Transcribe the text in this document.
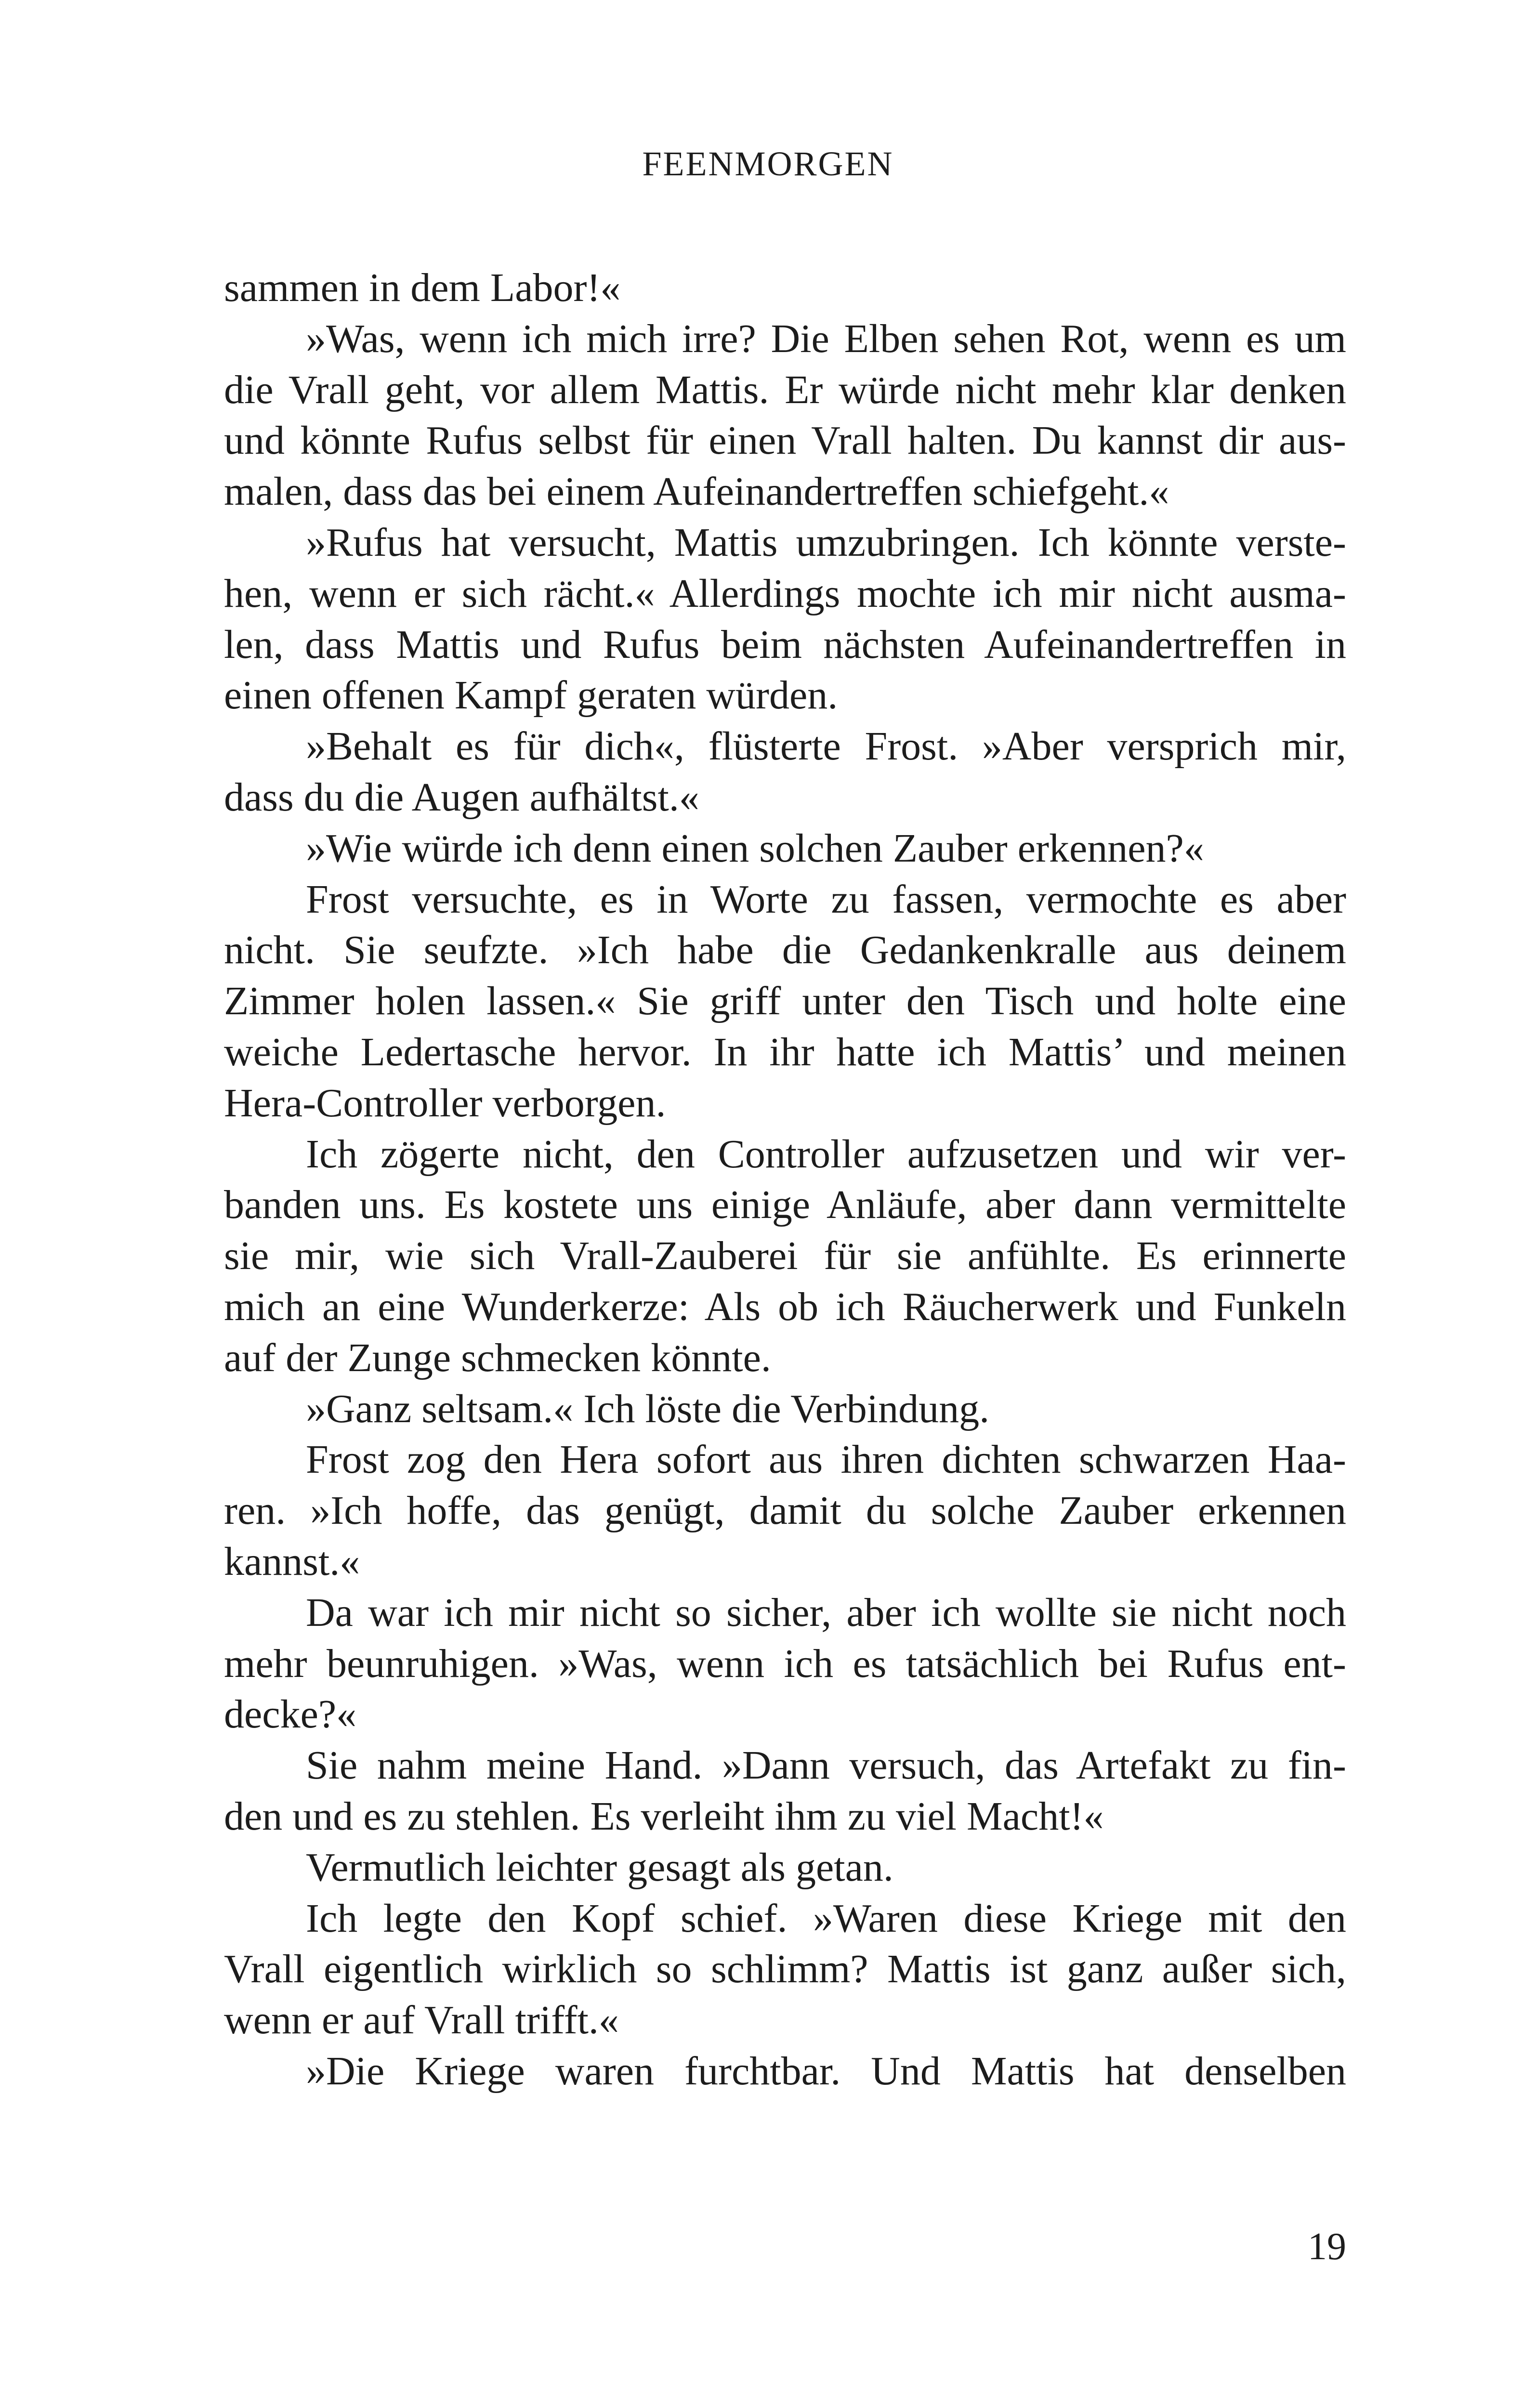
FEENMORGEN
sammen in dem Labor!«
»Was, wenn ich mich irre? Die Elben sehen Rot, wenn es um
die Vrall geht, vor allem Mattis. Er würde nicht mehr klar denken
und könnte Rufus selbst für einen Vrall halten. Du kannst dir aus-
malen, dass das bei einem Aufeinandertreffen schiefgeht.«
»Rufus hat versucht, Mattis umzubringen. Ich könnte verste-
hen, wenn er sich rächt.« Allerdings mochte ich mir nicht ausma-
len, dass Mattis und Rufus beim nächsten Aufeinandertreffen in
einen offenen Kampf geraten würden.
»Behalt es für dich«, flüsterte Frost. »Aber versprich mir,
dass du die Augen aufhältst.«
»Wie würde ich denn einen solchen Zauber erkennen?«
Frost versuchte, es in Worte zu fassen, vermochte es aber
nicht. Sie seufzte. »Ich habe die Gedankenkralle aus deinem
Zimmer holen lassen.« Sie griff unter den Tisch und holte eine
weiche Ledertasche hervor. In ihr hatte ich Mattis’ und meinen
Hera-Controller verborgen.
Ich zögerte nicht, den Controller aufzusetzen und wir ver-
banden uns. Es kostete uns einige Anläufe, aber dann vermittelte
sie mir, wie sich Vrall-Zauberei für sie anfühlte. Es erinnerte
mich an eine Wunderkerze: Als ob ich Räucherwerk und Funkeln
auf der Zunge schmecken könnte.
»Ganz seltsam.« Ich löste die Verbindung.
Frost zog den Hera sofort aus ihren dichten schwarzen Haa-
ren. »Ich hoffe, das genügt, damit du solche Zauber erkennen
kannst.«
Da war ich mir nicht so sicher, aber ich wollte sie nicht noch
mehr beunruhigen. »Was, wenn ich es tatsächlich bei Rufus ent-
decke?«
Sie nahm meine Hand. »Dann versuch, das Artefakt zu fin-
den und es zu stehlen. Es verleiht ihm zu viel Macht!«
Vermutlich leichter gesagt als getan.
Ich legte den Kopf schief. »Waren diese Kriege mit den
Vrall eigentlich wirklich so schlimm? Mattis ist ganz außer sich,
wenn er auf Vrall trifft.«
»Die Kriege waren furchtbar. Und Mattis hat denselben
19
